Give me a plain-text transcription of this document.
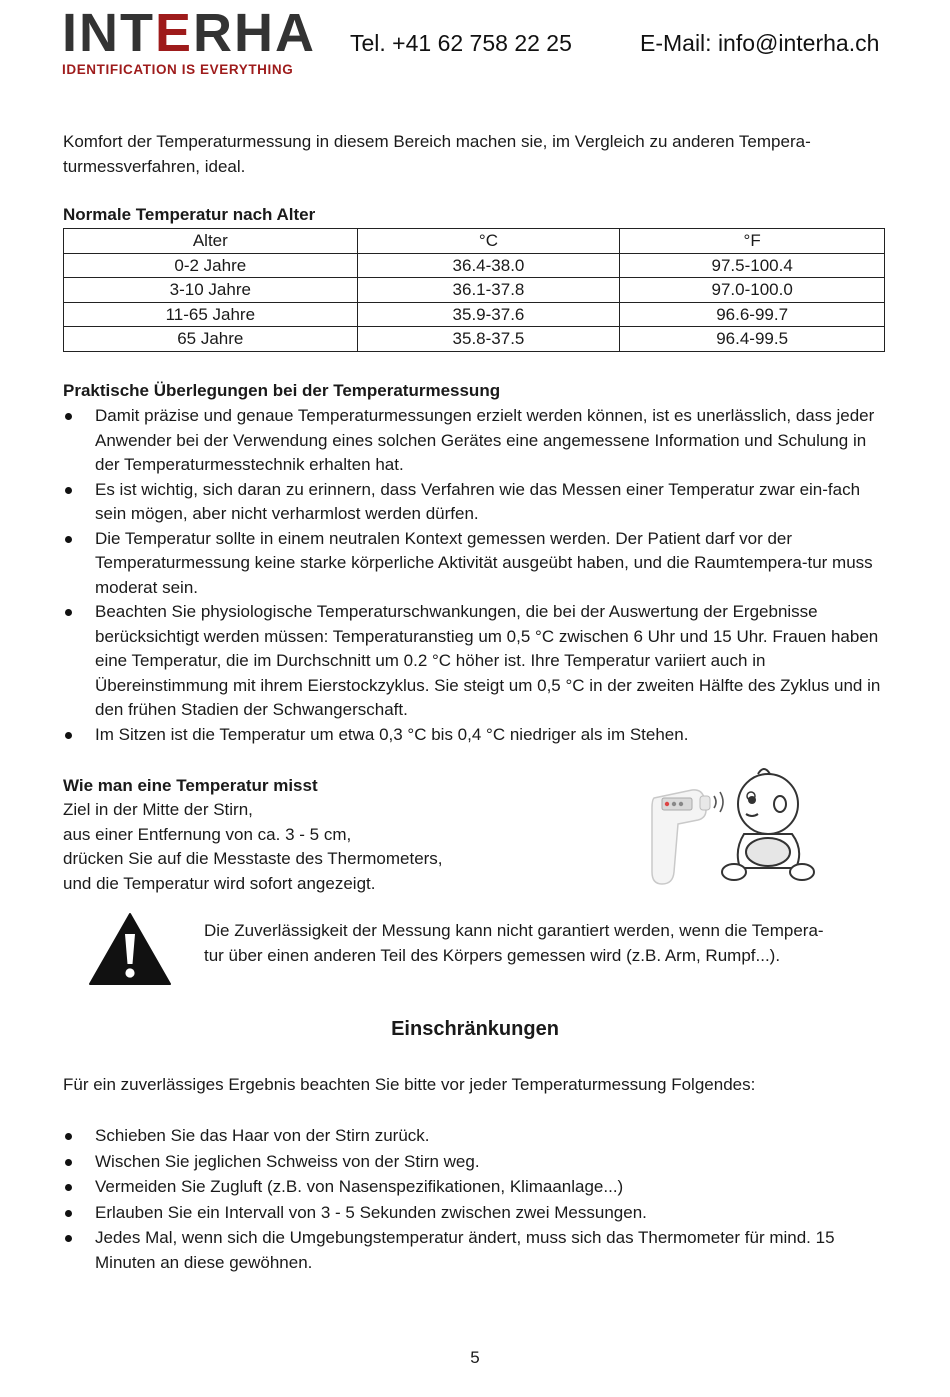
INTERHA
IDENTIFICATION IS EVERYTHING
Tel. +41 62 758 22 25	E-Mail: info@interha.ch
Komfort der Temperaturmessung in diesem Bereich machen sie, im Vergleich zu anderen Tempera-
turmessverfahren, ideal.
Normale Temperatur nach Alter
Alter	°C	°F
0-2 Jahre	36.4-38.0	97.5-100.4
3-10 Jahre	36.1-37.8	97.0-100.0
11-65 Jahre	35.9-37.6	96.6-99.7
65 Jahre	35.8-37.5	96.4-99.5
Praktische Überlegungen bei der Temperaturmessung
Damit präzise und genaue Temperaturmessungen erzielt werden können, ist es unerlässlich, dass jeder Anwender bei der Verwendung eines solchen Gerätes eine angemessene Information und Schulung in der Temperaturmesstechnik erhalten hat.
Es ist wichtig, sich daran zu erinnern, dass Verfahren wie das Messen einer Temperatur zwar ein-fach sein mögen, aber nicht verharmlost werden dürfen.
Die Temperatur sollte in einem neutralen Kontext gemessen werden. Der Patient darf vor der Temperaturmessung keine starke körperliche Aktivität ausgeübt haben, und die Raumtempera-tur muss moderat sein.
Beachten Sie physiologische Temperaturschwankungen, die bei der Auswertung der Ergebnisse berücksichtigt werden müssen: Temperaturanstieg um 0,5 °C zwischen 6 Uhr und 15 Uhr. Frauen haben eine Temperatur, die im Durchschnitt um 0.2 °C höher ist. Ihre Temperatur variiert auch in Übereinstimmung mit ihrem Eierstockzyklus. Sie steigt um 0,5 °C in der zweiten Hälfte des Zyklus und in den frühen Stadien der Schwangerschaft.
Im Sitzen ist die Temperatur um etwa 0,3 °C bis 0,4 °C niedriger als im Stehen.
Wie man eine Temperatur misst
Ziel in der Mitte der Stirn,
aus einer Entfernung von ca. 3 - 5 cm,
drücken Sie auf die Messtaste des Thermometers,
und die Temperatur wird sofort angezeigt.
Die Zuverlässigkeit der Messung kann nicht garantiert werden, wenn die Tempera-
tur über einen anderen Teil des Körpers gemessen wird (z.B. Arm, Rumpf...).
Einschränkungen
Für ein zuverlässiges Ergebnis beachten Sie bitte vor jeder Temperaturmessung Folgendes:
Schieben Sie das Haar von der Stirn zurück.
Wischen Sie jeglichen Schweiss von der Stirn weg.
Vermeiden Sie Zugluft (z.B. von Nasenspezifikationen, Klimaanlage...)
Erlauben Sie ein Intervall von 3 - 5 Sekunden zwischen zwei Messungen.
Jedes Mal, wenn sich die Umgebungstemperatur ändert, muss sich das Thermometer für mind. 15 Minuten an diese gewöhnen.
5
